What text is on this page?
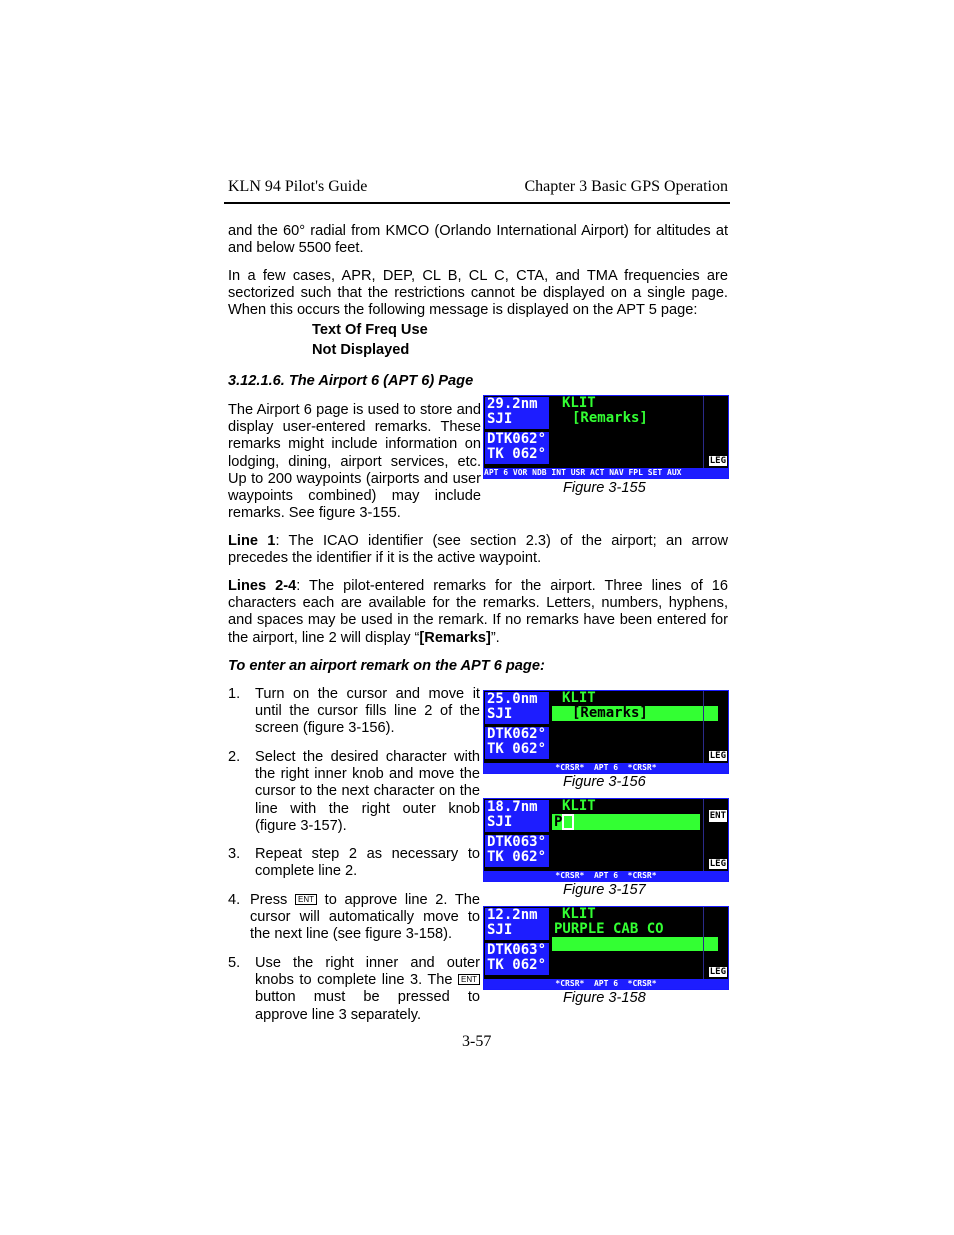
KLN 94 Pilot's Guide	Chapter 3 Basic GPS Operation

and the 60° radial from KMCO (Orlando International Airport) for altitudes at and below 5500 feet.

In a few cases, APR, DEP, CL B, CL C, CTA, and TMA frequencies are sectorized such that the restrictions cannot be displayed on a single page. When this occurs the following message is displayed on the APT 5 page:

Text Of Freq Use
Not Displayed
3.12.1.6. The Airport 6 (APT 6) Page

The Airport 6 page is used to store and display user-entered remarks. These remarks might include information on lodging, dining, airport services, etc. Up to 200 waypoints (airports and user waypoints combined) may include remarks. See figure 3-155.

Line 1: The ICAO identifier (see section 2.3) of the airport; an arrow precedes the identifier if it is the active waypoint.

Lines 2-4: The pilot-entered remarks for the airport. Three lines of 16 characters each are available for the remarks. Letters, numbers, hyphens, and spaces may be used in the remark. If no remarks have been entered for the airport, line 2 will display “[Remarks]”.

To enter an airport remark on the APT 6 page:
1. Turn on the cursor and move it until the cursor fills line 2 of the screen (figure 3-156).
2. Select the desired character with the right inner knob and move the cursor to the next character on the line with the right outer knob (figure 3-157).
3. Repeat step 2 as necessary to complete line 2.
4. Press ENT to approve line 2. The cursor will automatically move to the next line (see figure 3-158).
5. Use the right inner and outer knobs to complete line 3. The ENT button must be pressed to approve line 3 separately.
29.2nm
SJI
DTK062°
TK 062°
KLIT
[Remarks]
LEG
APT 6 VOR NDB INT USR ACT NAV FPL SET AUX
Figure 3-155
25.0nm
SJI
DTK062°
TK 062°
KLIT
[Remarks]
LEG
*CRSR*  APT 6  *CRSR*
Figure 3-156
18.7nm
SJI
DTK063°
TK 062°
KLIT
P	ENT
LEG
*CRSR*  APT 6  *CRSR*
Figure 3-157
12.2nm
SJI
DTK063°
TK 062°
KLIT
PURPLE CAB CO
LEG
*CRSR*  APT 6  *CRSR*
Figure 3-158
3-57
